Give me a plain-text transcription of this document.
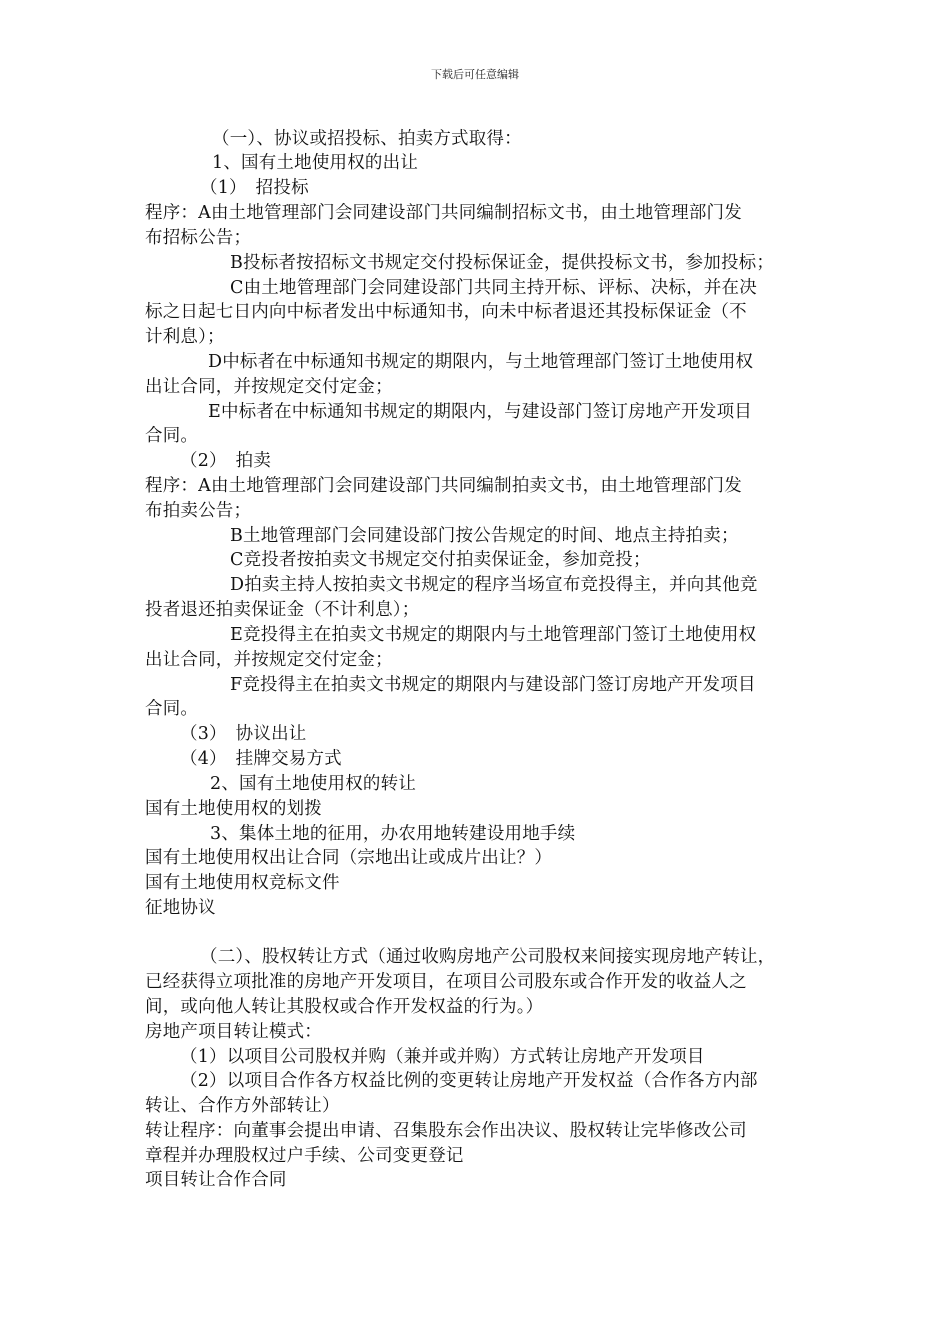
下载后可任意编辑
（一）、协议或招投标、拍卖方式取得：
1、国有土地使用权的出让
（1）　招投标
程序：A由土地管理部门会同建设部门共同编制招标文书，由土地管理部门发
布招标公告；
B投标者按招标文书规定交付投标保证金，提供投标文书，参加投标；
C由土地管理部门会同建设部门共同主持开标、评标、决标，并在决
标之日起七日内向中标者发出中标通知书，向未中标者退还其投标保证金（不
计利息）；
D中标者在中标通知书规定的期限内，与土地管理部门签订土地使用权
出让合同，并按规定交付定金；
E中标者在中标通知书规定的期限内，与建设部门签订房地产开发项目
合同。
（2）　拍卖
程序：A由土地管理部门会同建设部门共同编制拍卖文书，由土地管理部门发
布拍卖公告；
B土地管理部门会同建设部门按公告规定的时间、地点主持拍卖；
C竞投者按拍卖文书规定交付拍卖保证金，参加竞投；
D拍卖主持人按拍卖文书规定的程序当场宣布竞投得主，并向其他竞
投者退还拍卖保证金（不计利息）；
E竞投得主在拍卖文书规定的期限内与土地管理部门签订土地使用权
出让合同，并按规定交付定金；
F竞投得主在拍卖文书规定的期限内与建设部门签订房地产开发项目
合同。
（3）　协议出让
（4）　挂牌交易方式
2、国有土地使用权的转让
国有土地使用权的划拨
3、集体土地的征用，办农用地转建设用地手续
国有土地使用权出让合同（宗地出让或成片出让？）
国有土地使用权竞标文件
征地协议
（二）、股权转让方式（通过收购房地产公司股权来间接实现房地产转让，
已经获得立项批准的房地产开发项目，在项目公司股东或合作开发的收益人之
间，或向他人转让其股权或合作开发权益的行为。）
房地产项目转让模式：
（1）以项目公司股权并购（兼并或并购）方式转让房地产开发项目
（2）以项目合作各方权益比例的变更转让房地产开发权益（合作各方内部
转让、合作方外部转让）
转让程序：向董事会提出申请、召集股东会作出决议、股权转让完毕修改公司
章程并办理股权过户手续、公司变更登记
项目转让合作合同
